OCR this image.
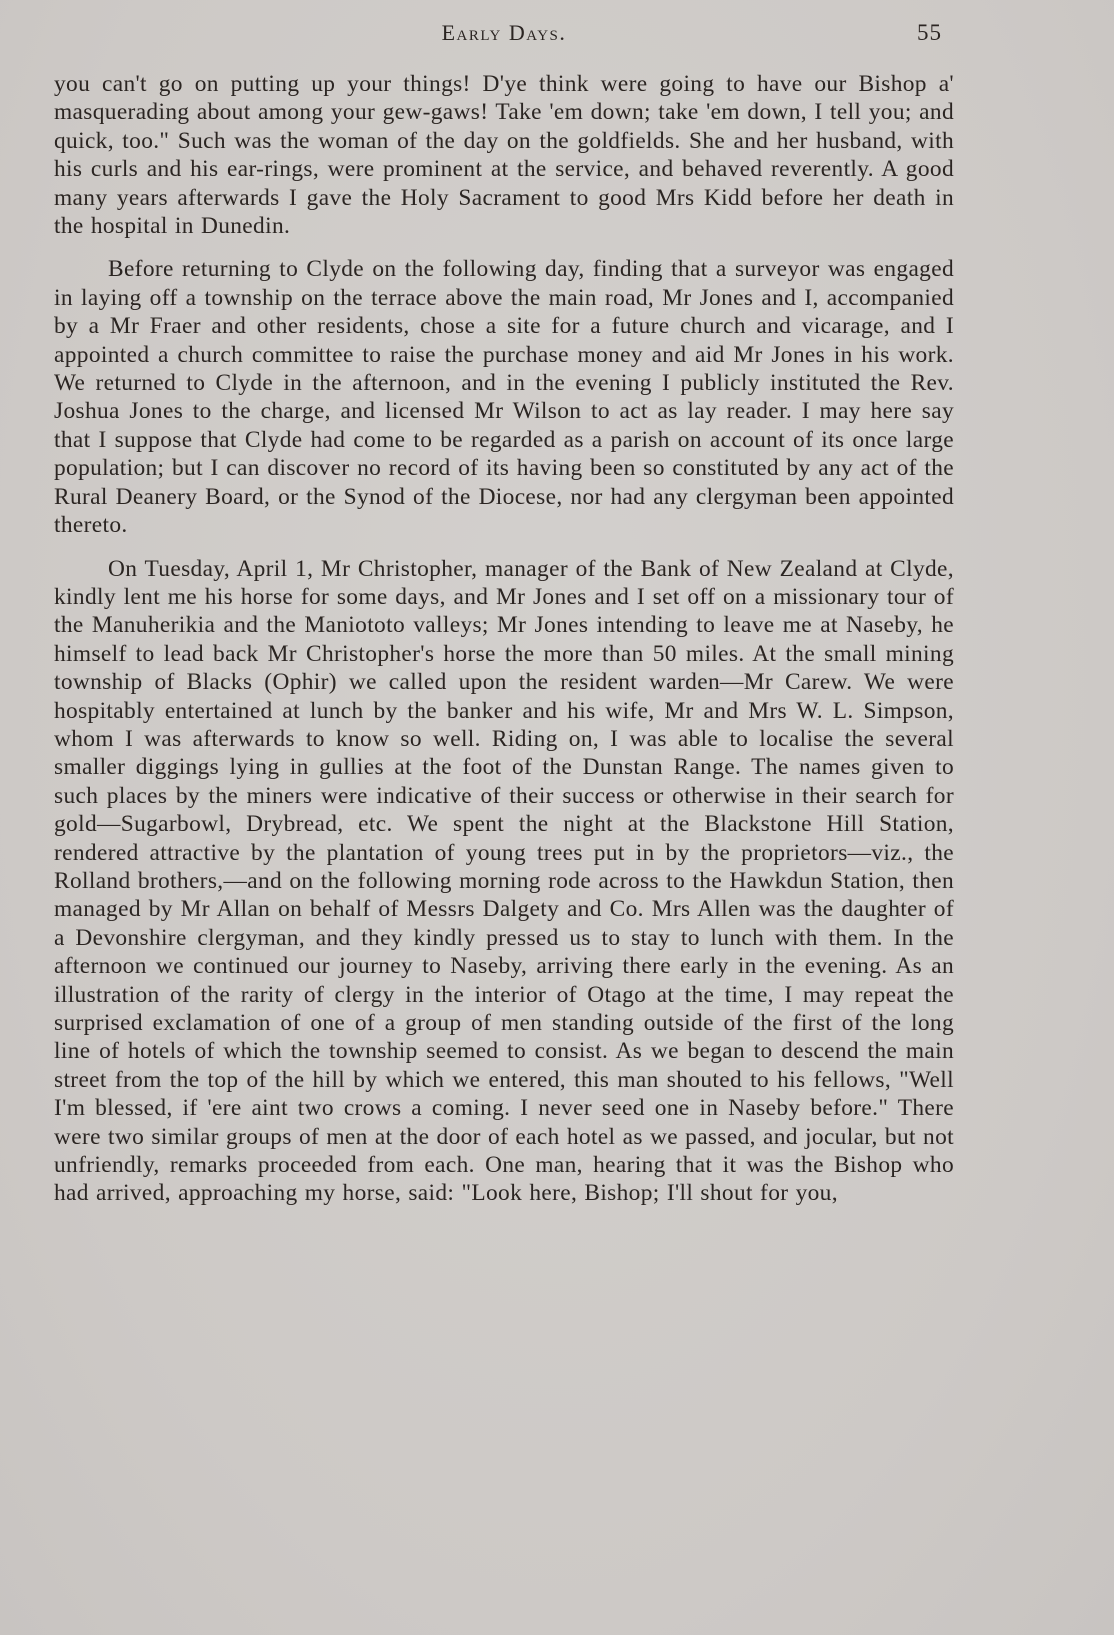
Early Days.	55

you can't go on putting up your things! D'ye think were going to have our Bishop a' masquerading about among your gew-gaws! Take 'em down; take 'em down, I tell you; and quick, too." Such was the woman of the day on the goldfields. She and her husband, with his curls and his ear-rings, were prominent at the service, and behaved reverently. A good many years afterwards I gave the Holy Sacrament to good Mrs Kidd before her death in the hospital in Dunedin.

Before returning to Clyde on the following day, finding that a surveyor was engaged in laying off a township on the terrace above the main road, Mr Jones and I, accompanied by a Mr Fraer and other residents, chose a site for a future church and vicarage, and I appointed a church committee to raise the purchase money and aid Mr Jones in his work. We returned to Clyde in the afternoon, and in the evening I publicly instituted the Rev. Joshua Jones to the charge, and licensed Mr Wilson to act as lay reader. I may here say that I suppose that Clyde had come to be regarded as a parish on account of its once large population; but I can discover no record of its having been so constituted by any act of the Rural Deanery Board, or the Synod of the Diocese, nor had any clergyman been appointed thereto.

On Tuesday, April 1, Mr Christopher, manager of the Bank of New Zealand at Clyde, kindly lent me his horse for some days, and Mr Jones and I set off on a missionary tour of the Manuherikia and the Maniototo valleys; Mr Jones intending to leave me at Naseby, he himself to lead back Mr Christopher's horse the more than 50 miles. At the small mining township of Blacks (Ophir) we called upon the resident warden—Mr Carew. We were hospitably entertained at lunch by the banker and his wife, Mr and Mrs W. L. Simpson, whom I was afterwards to know so well. Riding on, I was able to localise the several smaller diggings lying in gullies at the foot of the Dunstan Range. The names given to such places by the miners were indicative of their success or otherwise in their search for gold—Sugarbowl, Drybread, etc. We spent the night at the Blackstone Hill Station, rendered attractive by the plantation of young trees put in by the proprietors—viz., the Rolland brothers,—and on the following morning rode across to the Hawkdun Station, then managed by Mr Allan on behalf of Messrs Dalgety and Co. Mrs Allen was the daughter of a Devonshire clergyman, and they kindly pressed us to stay to lunch with them. In the afternoon we continued our journey to Naseby, arriving there early in the evening. As an illustration of the rarity of clergy in the interior of Otago at the time, I may repeat the surprised exclamation of one of a group of men standing outside of the first of the long line of hotels of which the township seemed to consist. As we began to descend the main street from the top of the hill by which we entered, this man shouted to his fellows, "Well I'm blessed, if 'ere aint two crows a coming. I never seed one in Naseby before." There were two similar groups of men at the door of each hotel as we passed, and jocular, but not unfriendly, remarks proceeded from each. One man, hearing that it was the Bishop who had arrived, approaching my horse, said: "Look here, Bishop; I'll shout for you,
